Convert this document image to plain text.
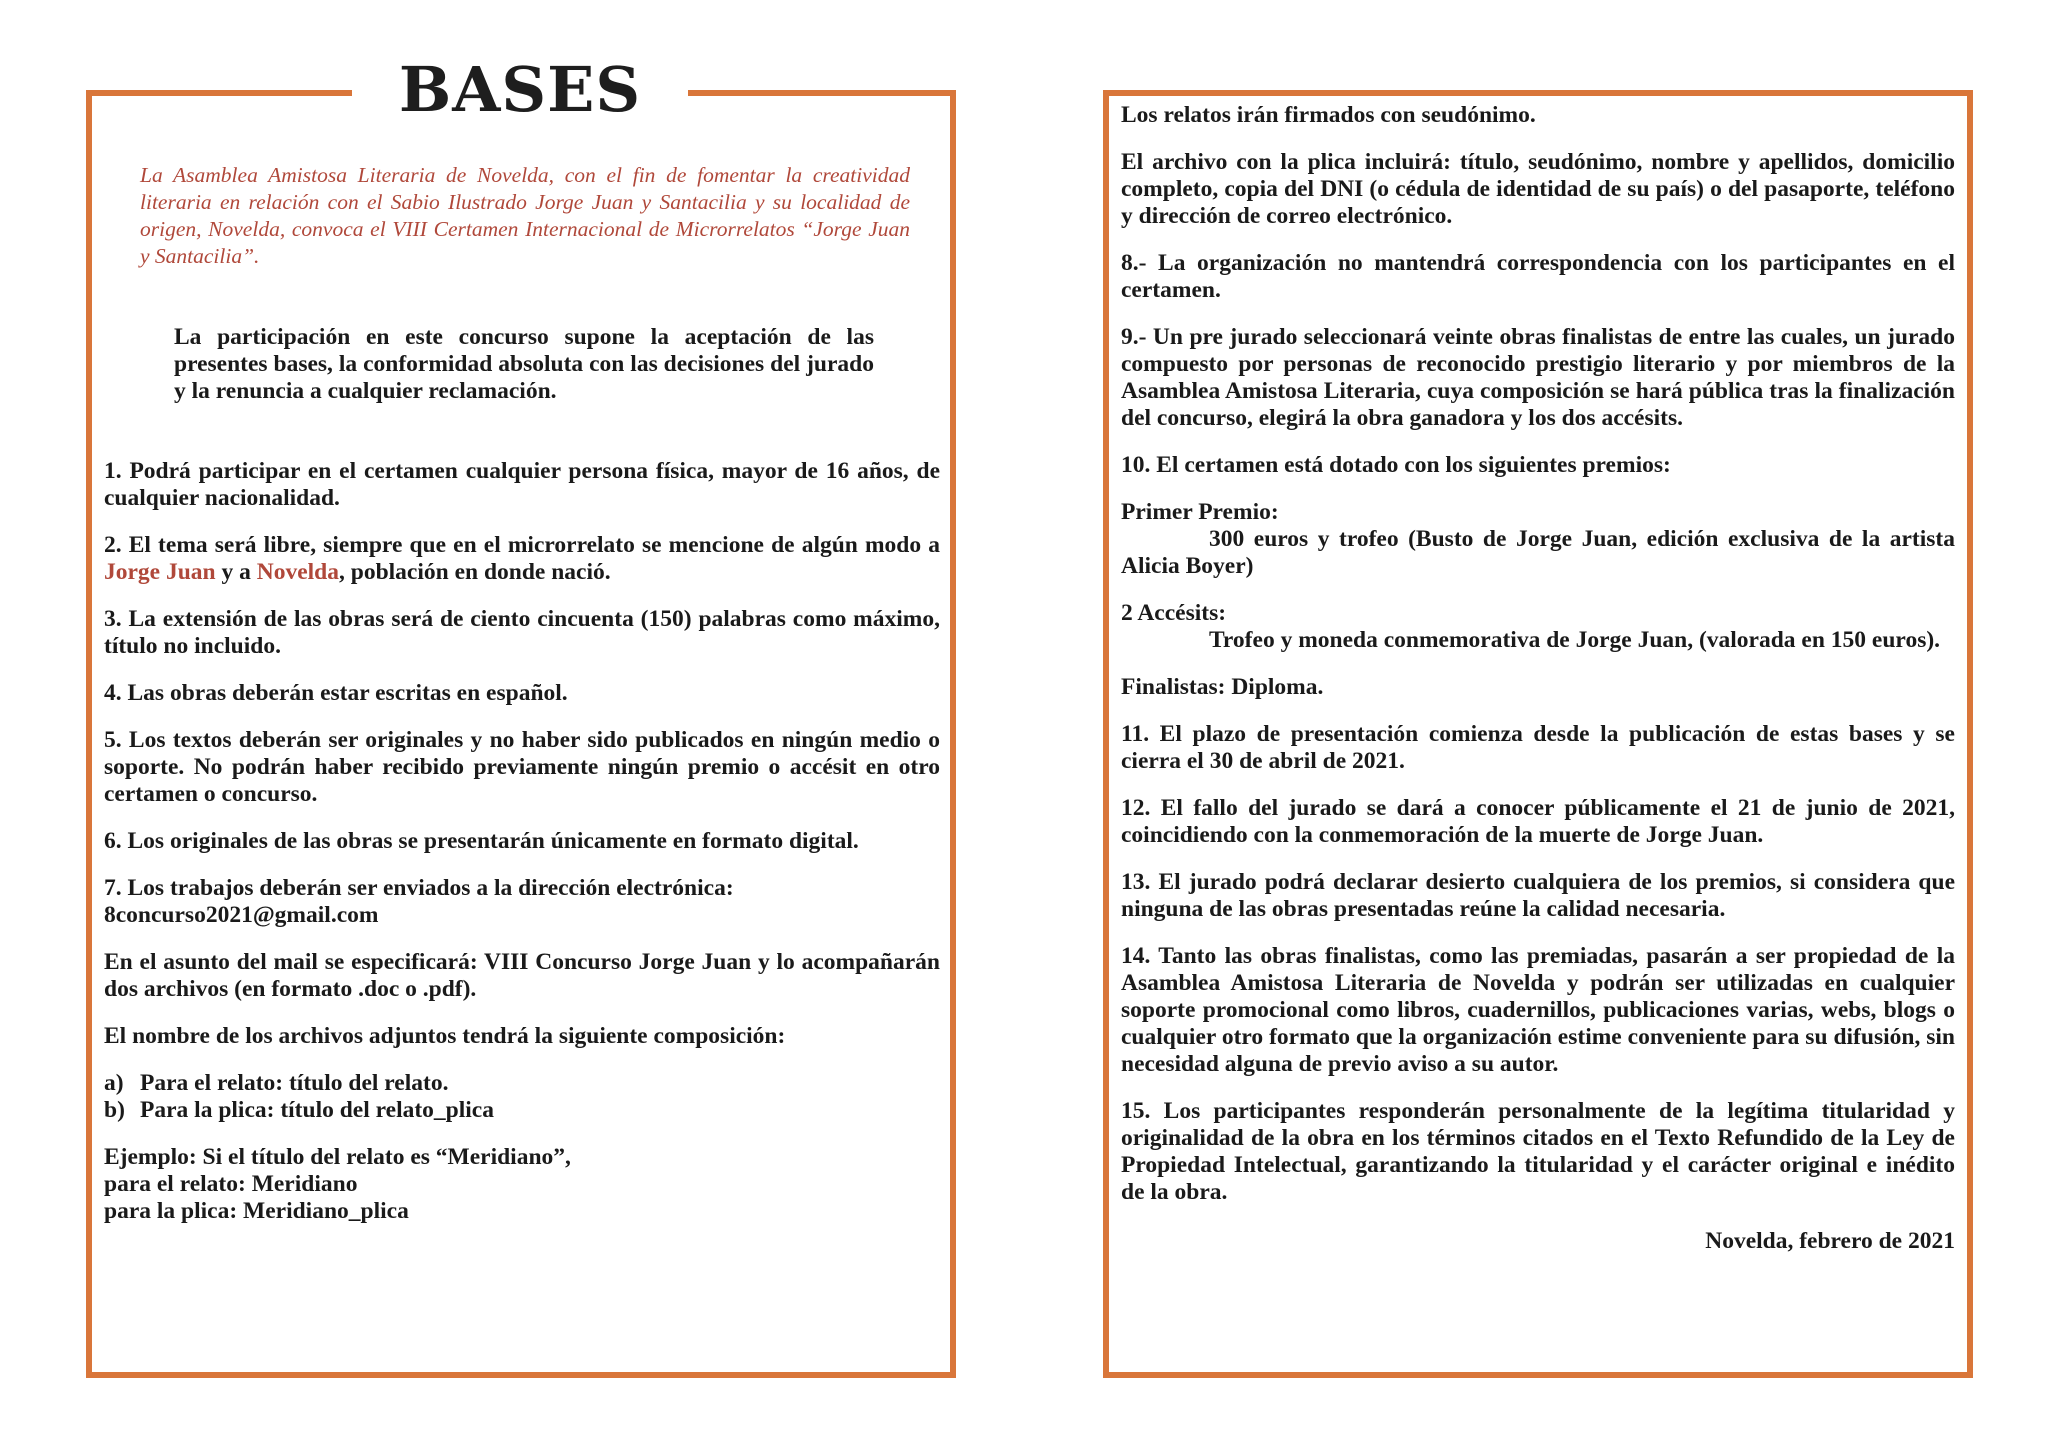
BASES

La Asamblea Amistosa Literaria de Novelda, con el fin de fomentar la creatividad literaria en relación con el Sabio Ilustrado Jorge Juan y Santacilia y su localidad de origen, Novelda, convoca el VIII Certamen Internacional de Microrrelatos “Jorge Juan y Santacilia”.

La participación en este concurso supone la aceptación de las presentes bases, la conformidad absoluta con las decisiones del jurado y la renuncia a cualquier reclamación.

1. Podrá participar en el certamen cualquier persona física, mayor de 16 años, de cualquier nacionalidad.

2. El tema será libre, siempre que en el microrrelato se mencione de algún modo a Jorge Juan y a Novelda, población en donde nació.

3. La extensión de las obras será de ciento cincuenta (150) palabras como máximo, título no incluido.

4. Las obras deberán estar escritas en español.

5. Los textos deberán ser originales y no haber sido publicados en ningún medio o soporte. No podrán haber recibido previamente ningún premio o accésit en otro certamen o concurso.

6. Los originales de las obras se presentarán únicamente en formato digital.

7. Los trabajos deberán ser enviados a la dirección electrónica:

8concurso2021@gmail.com

En el asunto del mail se especificará: VIII Concurso Jorge Juan y lo acompañarán dos archivos (en formato .doc o .pdf).

El nombre de los archivos adjuntos tendrá la siguiente composición:

a) Para el relato: título del relato.
b) Para la plica: título del relato_plica
Ejemplo: Si el título del relato es “Meridiano”,
para el relato: Meridiano
para la plica: Meridiano_plica

Los relatos irán firmados con seudónimo.

El archivo con la plica incluirá: título, seudónimo, nombre y apellidos, domicilio completo, copia del DNI (o cédula de identidad de su país) o del pasaporte, teléfono y dirección de correo electrónico.

8.- La organización no mantendrá correspondencia con los participantes en el certamen.

9.- Un pre jurado seleccionará veinte obras finalistas de entre las cuales, un jurado compuesto por personas de reconocido prestigio literario y por miembros de la Asamblea Amistosa Literaria, cuya composición se hará pública tras la finalización del concurso, elegirá la obra ganadora y los dos accésits.

10. El certamen está dotado con los siguientes premios:

Primer Premio:

300 euros y trofeo (Busto de Jorge Juan, edición exclusiva de la artista Alicia Boyer)

2 Accésits:

Trofeo y moneda conmemorativa de Jorge Juan, (valorada en 150 euros).

Finalistas: Diploma.

11. El plazo de presentación comienza desde la publicación de estas bases y se cierra el 30 de abril de 2021.

12. El fallo del jurado se dará a conocer públicamente el 21 de junio de 2021, coincidiendo con la conmemoración de la muerte de Jorge Juan.

13. El jurado podrá declarar desierto cualquiera de los premios, si considera que ninguna de las obras presentadas reúne la calidad necesaria.

14. Tanto las obras finalistas, como las premiadas, pasarán a ser propiedad de la Asamblea Amistosa Literaria de Novelda y podrán ser utilizadas en cualquier soporte promocional como libros, cuadernillos, publicaciones varias, webs, blogs o cualquier otro formato que la organización estime conveniente para su difusión, sin necesidad alguna de previo aviso a su autor.

15. Los participantes responderán personalmente de la legítima titularidad y originalidad de la obra en los términos citados en el Texto Refundido de la Ley de Propiedad Intelectual, garantizando la titularidad y el carácter original e inédito de la obra.

Novelda, febrero de 2021
